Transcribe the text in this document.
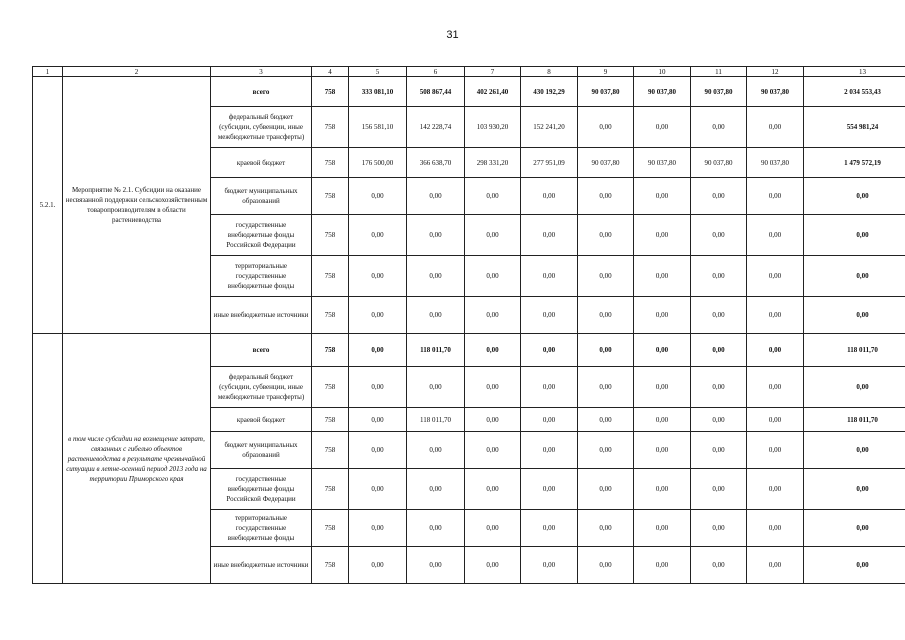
31
1	2	3	4	5	6	7	8	9	10	11	12	13
5.2.1.	Мероприятие № 2.1. Субсидии на оказание несвязанной поддержки сельскохозяйственным товаропроизводителям в области растениеводства	всего	758	333 081,10	508 867,44	402 261,40	430 192,29	90 037,80	90 037,80	90 037,80	90 037,80	2 034 553,43
		федеральный бюджет (субсидии, субвенции, иные межбюджетные трансферты)	758	156 581,10	142 228,74	103 930,20	152 241,20	0,00	0,00	0,00	0,00	554 981,24
		краевой бюджет	758	176 500,00	366 638,70	298 331,20	277 951,09	90 037,80	90 037,80	90 037,80	90 037,80	1 479 572,19
		бюджет муниципальных образований	758	0,00	0,00	0,00	0,00	0,00	0,00	0,00	0,00	0,00
		государственные внебюджетные фонды Российской Федерации	758	0,00	0,00	0,00	0,00	0,00	0,00	0,00	0,00	0,00
		территориальные государственные внебюджетные фонды	758	0,00	0,00	0,00	0,00	0,00	0,00	0,00	0,00	0,00
		иные внебюджетные источники	758	0,00	0,00	0,00	0,00	0,00	0,00	0,00	0,00	0,00
	в том числе субсидии на возмещение затрат, связанных с гибелью объектов растениеводства в результате чрезвычайной ситуации в летне-осенний период 2013 года на территории Приморского края	всего	758	0,00	118 011,70	0,00	0,00	0,00	0,00	0,00	0,00	118 011,70
		федеральный бюджет (субсидии, субвенции, иные межбюджетные трансферты)	758	0,00	0,00	0,00	0,00	0,00	0,00	0,00	0,00	0,00
		краевой бюджет	758	0,00	118 011,70	0,00	0,00	0,00	0,00	0,00	0,00	118 011,70
		бюджет муниципальных образований	758	0,00	0,00	0,00	0,00	0,00	0,00	0,00	0,00	0,00
		государственные внебюджетные фонды Российской Федерации	758	0,00	0,00	0,00	0,00	0,00	0,00	0,00	0,00	0,00
		территориальные государственные внебюджетные фонды	758	0,00	0,00	0,00	0,00	0,00	0,00	0,00	0,00	0,00
		иные внебюджетные источники	758	0,00	0,00	0,00	0,00	0,00	0,00	0,00	0,00	0,00
